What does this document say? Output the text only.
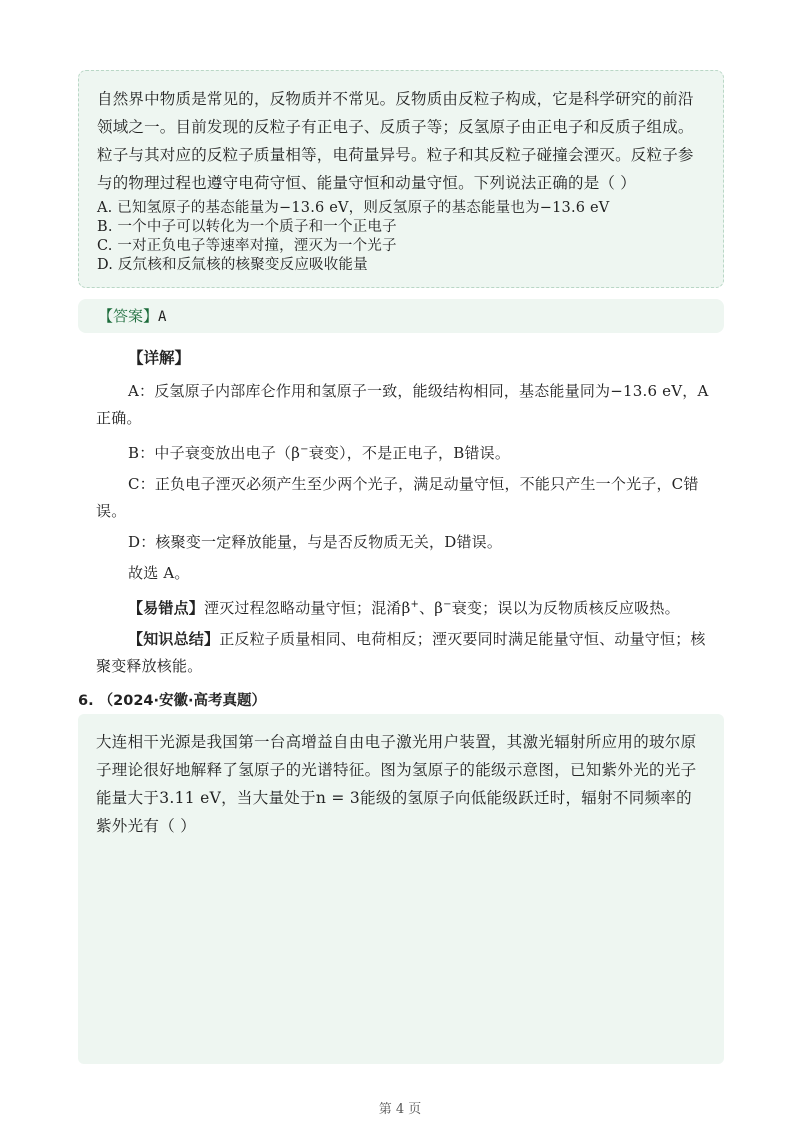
自然界中物质是常见的，反物质并不常见。反物质由反粒子构成，它是科学研究的前沿领域之一。目前发现的反粒子有正电子、反质子等；反氢原子由正电子和反质子组成。粒子与其对应的反粒子质量相等，电荷量异号。粒子和其反粒子碰撞会湮灭。反粒子参与的物理过程也遵守电荷守恒、能量守恒和动量守恒。下列说法正确的是（ ）

A. 已知氢原子的基态能量为−13.6 eV，则反氢原子的基态能量也为−13.6 eV
B. 一个中子可以转化为一个质子和一个正电子
C. 一对正负电子等速率对撞，湮灭为一个光子
D. 反氘核和反氚核的核聚变反应吸收能量
【答案】A
【详解】

A：反氢原子内部库仑作用和氢原子一致，能级结构相同，基态能量同为−13.6 eV，A正确。

B：中子衰变放出电子（β−衰变），不是正电子，B错误。

C：正负电子湮灭必须产生至少两个光子，满足动量守恒，不能只产生一个光子，C错误。

D：核聚变一定释放能量，与是否反物质无关，D错误。

故选 A。

【易错点】湮灭过程忽略动量守恒；混淆β+、β−衰变；误以为反物质核反应吸热。

【知识总结】正反粒子质量相同、电荷相反；湮灭要同时满足能量守恒、动量守恒；核聚变释放核能。

6. （2024·安徽·高考真题）

大连相干光源是我国第一台高增益自由电子激光用户装置，其激光辐射所应用的玻尔原子理论很好地解释了氢原子的光谱特征。图为氢原子的能级示意图，已知紫外光的光子能量大于3.11 eV，当大量处于n = 3能级的氢原子向低能级跃迁时，辐射不同频率的紫外光有（ ）

第 4 页
